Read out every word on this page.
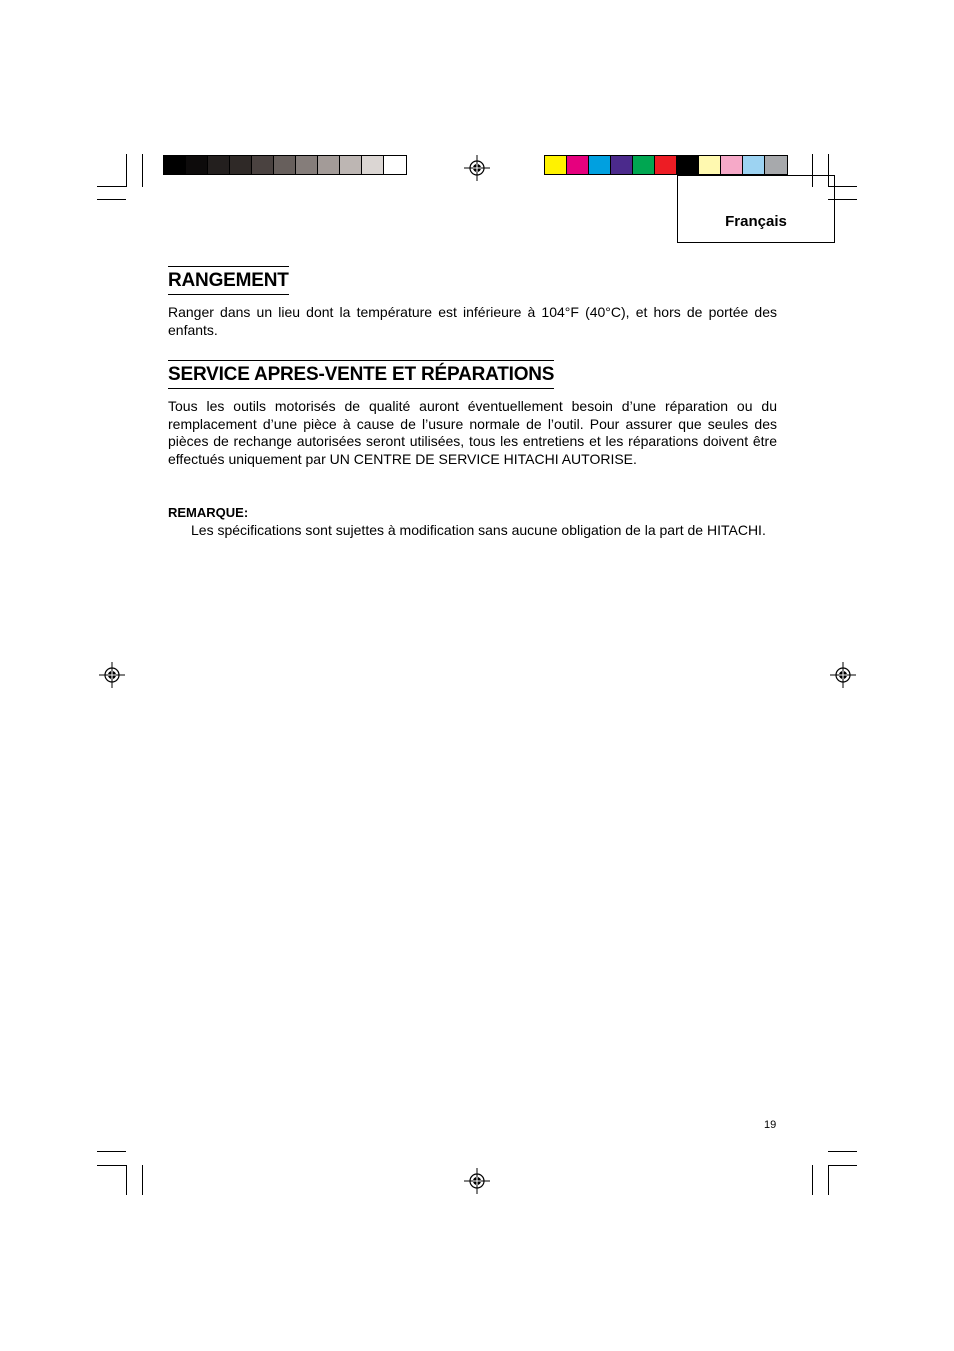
Français
RANGEMENT
Ranger dans un lieu dont la température est inférieure à 104°F (40°C), et hors de portée des enfants.
SERVICE APRES-VENTE ET RÉPARATIONS
Tous les outils motorisés de qualité auront éventuellement besoin d’une réparation ou du remplacement d’une pièce à cause de l’usure normale de l’outil. Pour assurer que seules des pièces de rechange autorisées seront utilisées, tous les entretiens et les réparations doivent être effectués uniquement par UN CENTRE DE SERVICE HITACHI AUTORISE.
REMARQUE:
Les spécifications sont sujettes à modification sans aucune obligation de la part de HITACHI.
19
